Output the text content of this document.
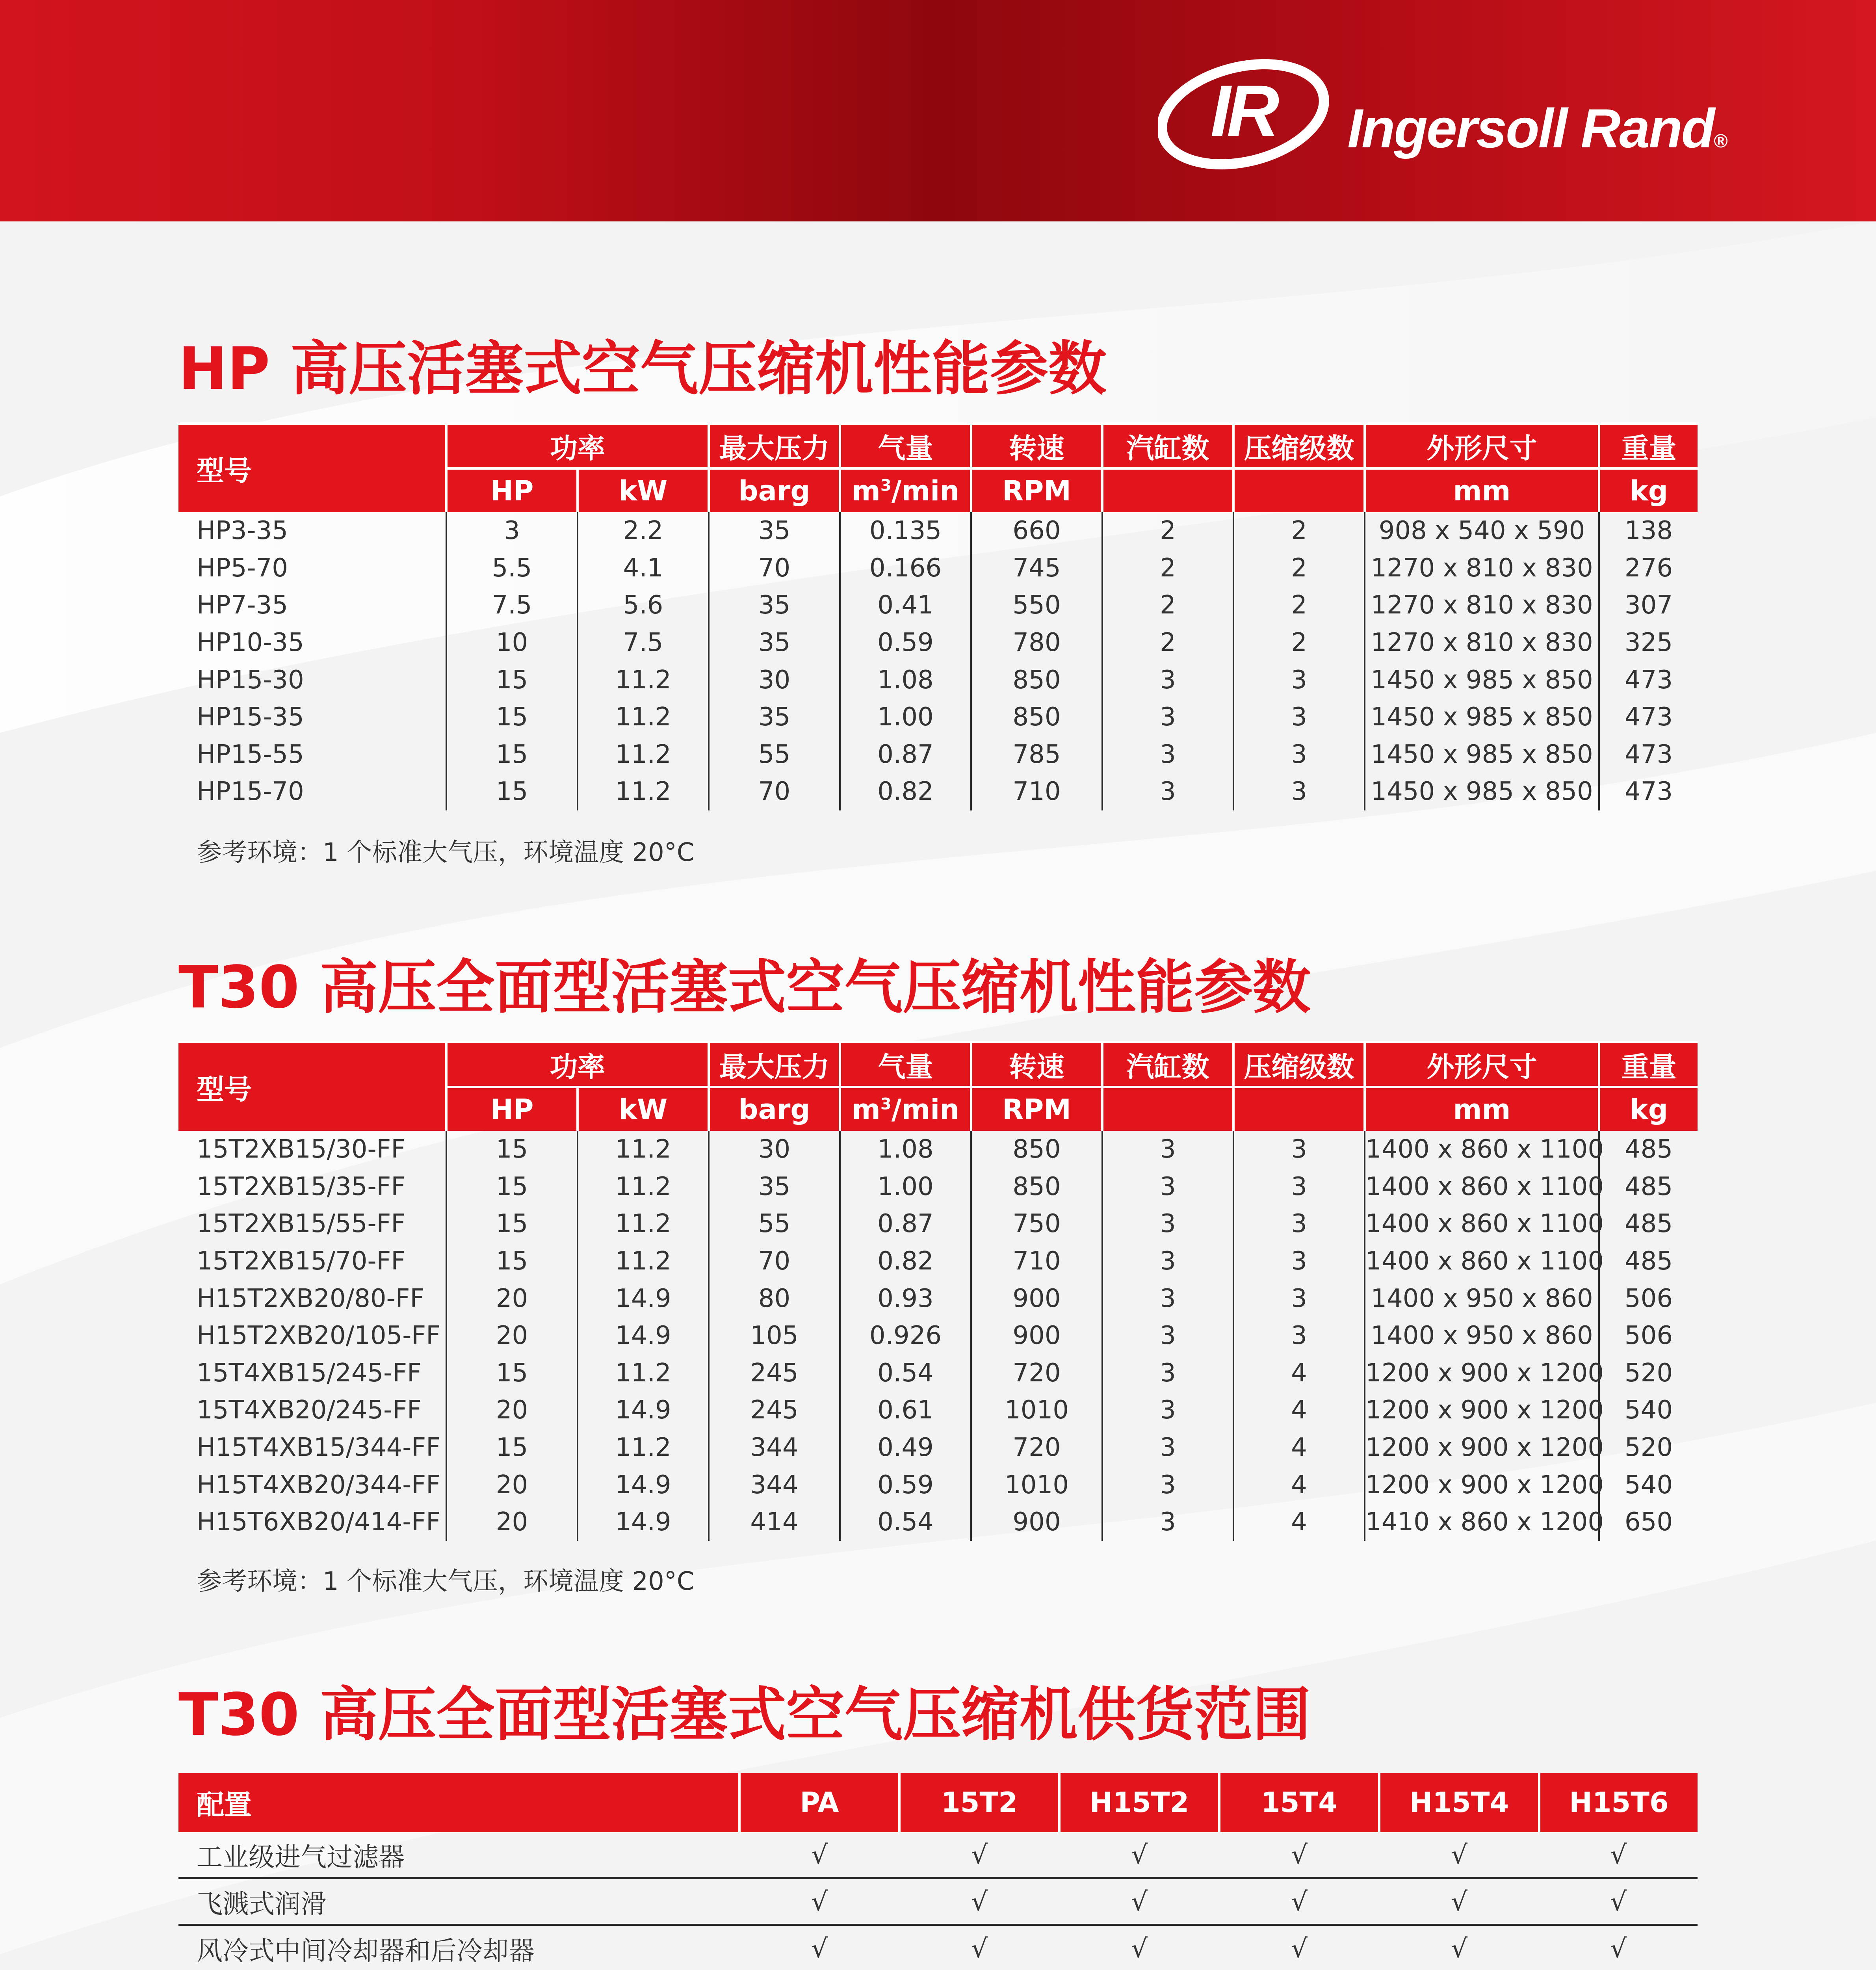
IR Ingersoll Rand®
HP 高压活塞式空气压缩机性能参数
型号	功率		最大压力	气量	转速	汽缸数	压缩级数	外形尺寸	重量
	HP	kW	barg	$m^3/\min$	RPM			mm	kg
HP3-35	3	2.2	35	0.135	660	2	2	908 x 540 x 590	138
HP5-70	5.5	4.1	70	0.166	745	2	2	1270 x 810 x 830	276
HP7-35	7.5	5.6	35	0.41	550	2	2	1270 x 810 x 830	307
HP10-35	10	7.5	35	0.59	780	2	2	1270 x 810 x 830	325
HP15-30	15	11.2	30	1.08	850	3	3	1450 x 985 x 850	473
HP15-35	15	11.2	35	1.00	850	3	3	1450 x 985 x 850	473
HP15-55	15	11.2	55	0.87	785	3	3	1450 x 985 x 850	473
HP15-70	15	11.2	70	0.82	710	3	3	1450 x 985 x 850	473
参考环境：1 个标准大气压，环境温度 20°C
T30 高压全面型活塞式空气压缩机性能参数
型号	功率		最大压力	气量	转速	汽缸数	压缩级数	外形尺寸	重量
	HP	kW	barg	$m^3/\min$	RPM			mm	kg
15T2XB15/30-FF	15	11.2	30	1.08	850	3	3	1400 x 860 x 1100	485
15T2XB15/35-FF	15	11.2	35	1.00	850	3	3	1400 x 860 x 1100	485
15T2XB15/55-FF	15	11.2	55	0.87	750	3	3	1400 x 860 x 1100	485
15T2XB15/70-FF	15	11.2	70	0.82	710	3	3	1400 x 860 x 1100	485
H15T2XB20/80-FF	20	14.9	80	0.93	900	3	3	1400 x 950 x 860	506
H15T2XB20/105-FF	20	14.9	105	0.926	900	3	3	1400 x 950 x 860	506
15T4XB15/245-FF	15	11.2	245	0.54	720	3	4	1200 x 900 x 1200	520
15T4XB20/245-FF	20	14.9	245	0.61	1010	3	4	1200 x 900 x 1200	540
H15T4XB15/344-FF	15	11.2	344	0.49	720	3	4	1200 x 900 x 1200	520
H15T4XB20/344-FF	20	14.9	344	0.59	1010	3	4	1200 x 900 x 1200	540
H15T6XB20/414-FF	20	14.9	414	0.54	900	3	4	1410 x 860 x 1200	650
参考环境：1 个标准大气压，环境温度 20°C
T30 高压全面型活塞式空气压缩机供货范围
配置	PA	15T2	H15T2	15T4	H15T4	H15T6
工业级进气过滤器	√	√	√	√	√	√
飞溅式润滑	√	√	√	√	√	√
风冷式中间冷却器和后冷却器	√	√	√	√	√	√
